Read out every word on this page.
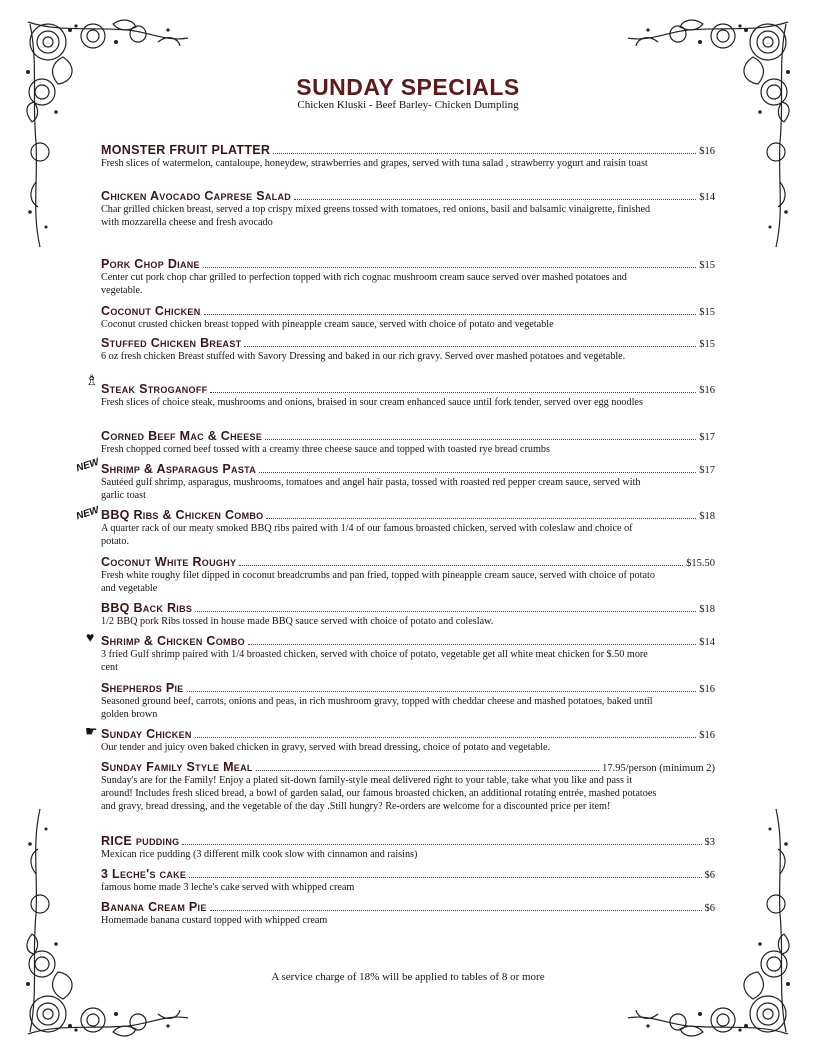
SUNDAY SPECIALS
Chicken Kluski - Beef Barley- Chicken Dumpling
♗
NEW
NEW
♥
☛
MONSTER FRUIT PLATTER	$16
Fresh slices of watermelon, cantaloupe, honeydew, strawberries and grapes, served with tuna salad , strawberry yogurt and raisin toast
Chicken Avocado Caprese Salad	$14
Char grilled chicken breast, served a top crispy mixed greens tossed with tomatoes, red onions, basil and balsamic vinaigrette, finished with mozzarella cheese and fresh avocado
Pork Chop Diane	$15
Center cut pork chop char grilled to perfection topped with rich cognac mushroom cream sauce served over mashed potatoes and vegetable.
Coconut Chicken	$15
Coconut crusted chicken breast topped with pineapple cream sauce, served with choice of potato and vegetable
Stuffed Chicken Breast	$15
6 oz fresh chicken Breast stuffed with Savory Dressing and baked in our rich gravy. Served over mashed potatoes and vegetable.
Steak Stroganoff	$16
Fresh slices of choice steak, mushrooms and onions, braised in sour cream enhanced sauce until fork tender, served over egg noodles
Corned Beef Mac & Cheese	$17
Fresh chopped corned beef tossed with a creamy three cheese sauce and topped with toasted rye bread crumbs
Shrimp & Asparagus Pasta	$17
Sautéed gulf shrimp, asparagus, mushrooms, tomatoes and angel hair pasta, tossed with roasted red pepper cream sauce, served with garlic toast
BBQ Ribs & Chicken Combo	$18
A quarter rack of our meaty smoked BBQ ribs paired with 1/4 of our famous broasted chicken, served with coleslaw and choice of potato.
Coconut White Roughy	$15.50
Fresh white roughy filet dipped in coconut breadcrumbs and pan fried, topped with pineapple cream sauce, served with choice of potato and vegetable
BBQ Back Ribs	$18
1/2 BBQ pork Ribs tossed in house made BBQ sauce served with choice of potato and coleslaw.
Shrimp & Chicken Combo	$14
3 fried Gulf shrimp paired with 1/4 broasted chicken, served with choice of potato, vegetable get all white meat chicken for $.50 more cent
Shepherds Pie	$16
Seasoned ground beef, carrots, onions and peas, in rich mushroom gravy, topped with cheddar cheese and mashed potatoes, baked until golden brown
Sunday Chicken	$16
Our tender and juicy oven baked chicken in gravy, served with bread dressing, choice of potato and vegetable.
Sunday Family Style Meal	17.95/person (minimum 2)
Sunday's are for the Family! Enjoy a plated sit-down family-style meal delivered right to your table, take what you like and pass it around! Includes fresh sliced bread, a bowl of garden salad, our famous broasted chicken, an additional rotating entrée, mashed potatoes and gravy, bread dressing, and the vegetable of the day .Still hungry? Re-orders are welcome for a discounted price per item!
RICE pudding	$3
Mexican rice pudding (3 different milk cook slow with cinnamon and raisins)
3 Leche's cake	$6
famous home made 3 leche's cake served with whipped cream
Banana Cream Pie	$6
Homemade banana custard topped with whipped cream
A service charge of 18% will be applied to tables of 8 or more
